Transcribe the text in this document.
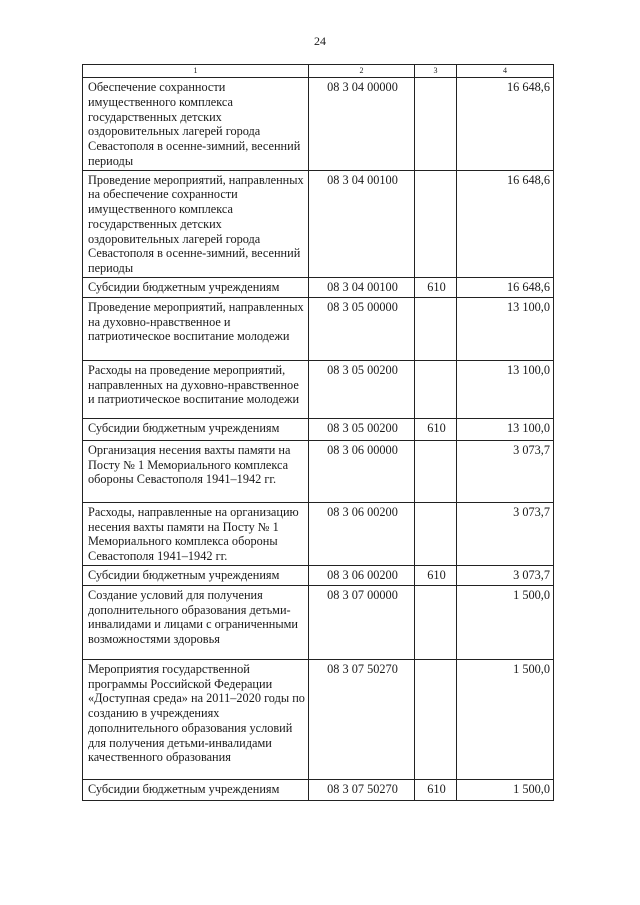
24
1	2	3	4
Обеспечение сохранности имущественного комплекса государственных детских оздоровительных лагерей города Севастополя в осенне-зимний, весенний периоды	08 3 04 00000		16 648,6
Проведение мероприятий, направленных на обеспечение сохранности имущественного комплекса государственных детских оздоровительных лагерей города Севастополя в осенне-зимний, весенний периоды	08 3 04 00100		16 648,6
Субсидии бюджетным учреждениям	08 3 04 00100	610	16 648,6
Проведение мероприятий, направленных на духовно-нравственное и патриотическое воспитание молодежи	08 3 05 00000		13 100,0
Расходы на проведение мероприятий, направленных на духовно-нравственное и патриотическое воспитание молодежи	08 3 05 00200		13 100,0
Субсидии бюджетным учреждениям	08 3 05 00200	610	13 100,0
Организация несения вахты памяти на Посту № 1 Мемориального комплекса обороны Севастополя 1941–1942 гг.	08 3 06 00000		3 073,7
Расходы, направленные на организацию несения вахты памяти на Посту № 1 Мемориального комплекса обороны Севастополя 1941–1942 гг.	08 3 06 00200		3 073,7
Субсидии бюджетным учреждениям	08 3 06 00200	610	3 073,7
Создание условий для получения дополнительного образования детьми-инвалидами и лицами с ограниченными возможностями здоровья	08 3 07 00000		1 500,0
Мероприятия государственной программы Российской Федерации «Доступная среда» на 2011–2020 годы по созданию в учреждениях дополнительного образования условий для получения детьми-инвалидами качественного образования	08 3 07 50270		1 500,0
Субсидии бюджетным учреждениям	08 3 07 50270	610	1 500,0
